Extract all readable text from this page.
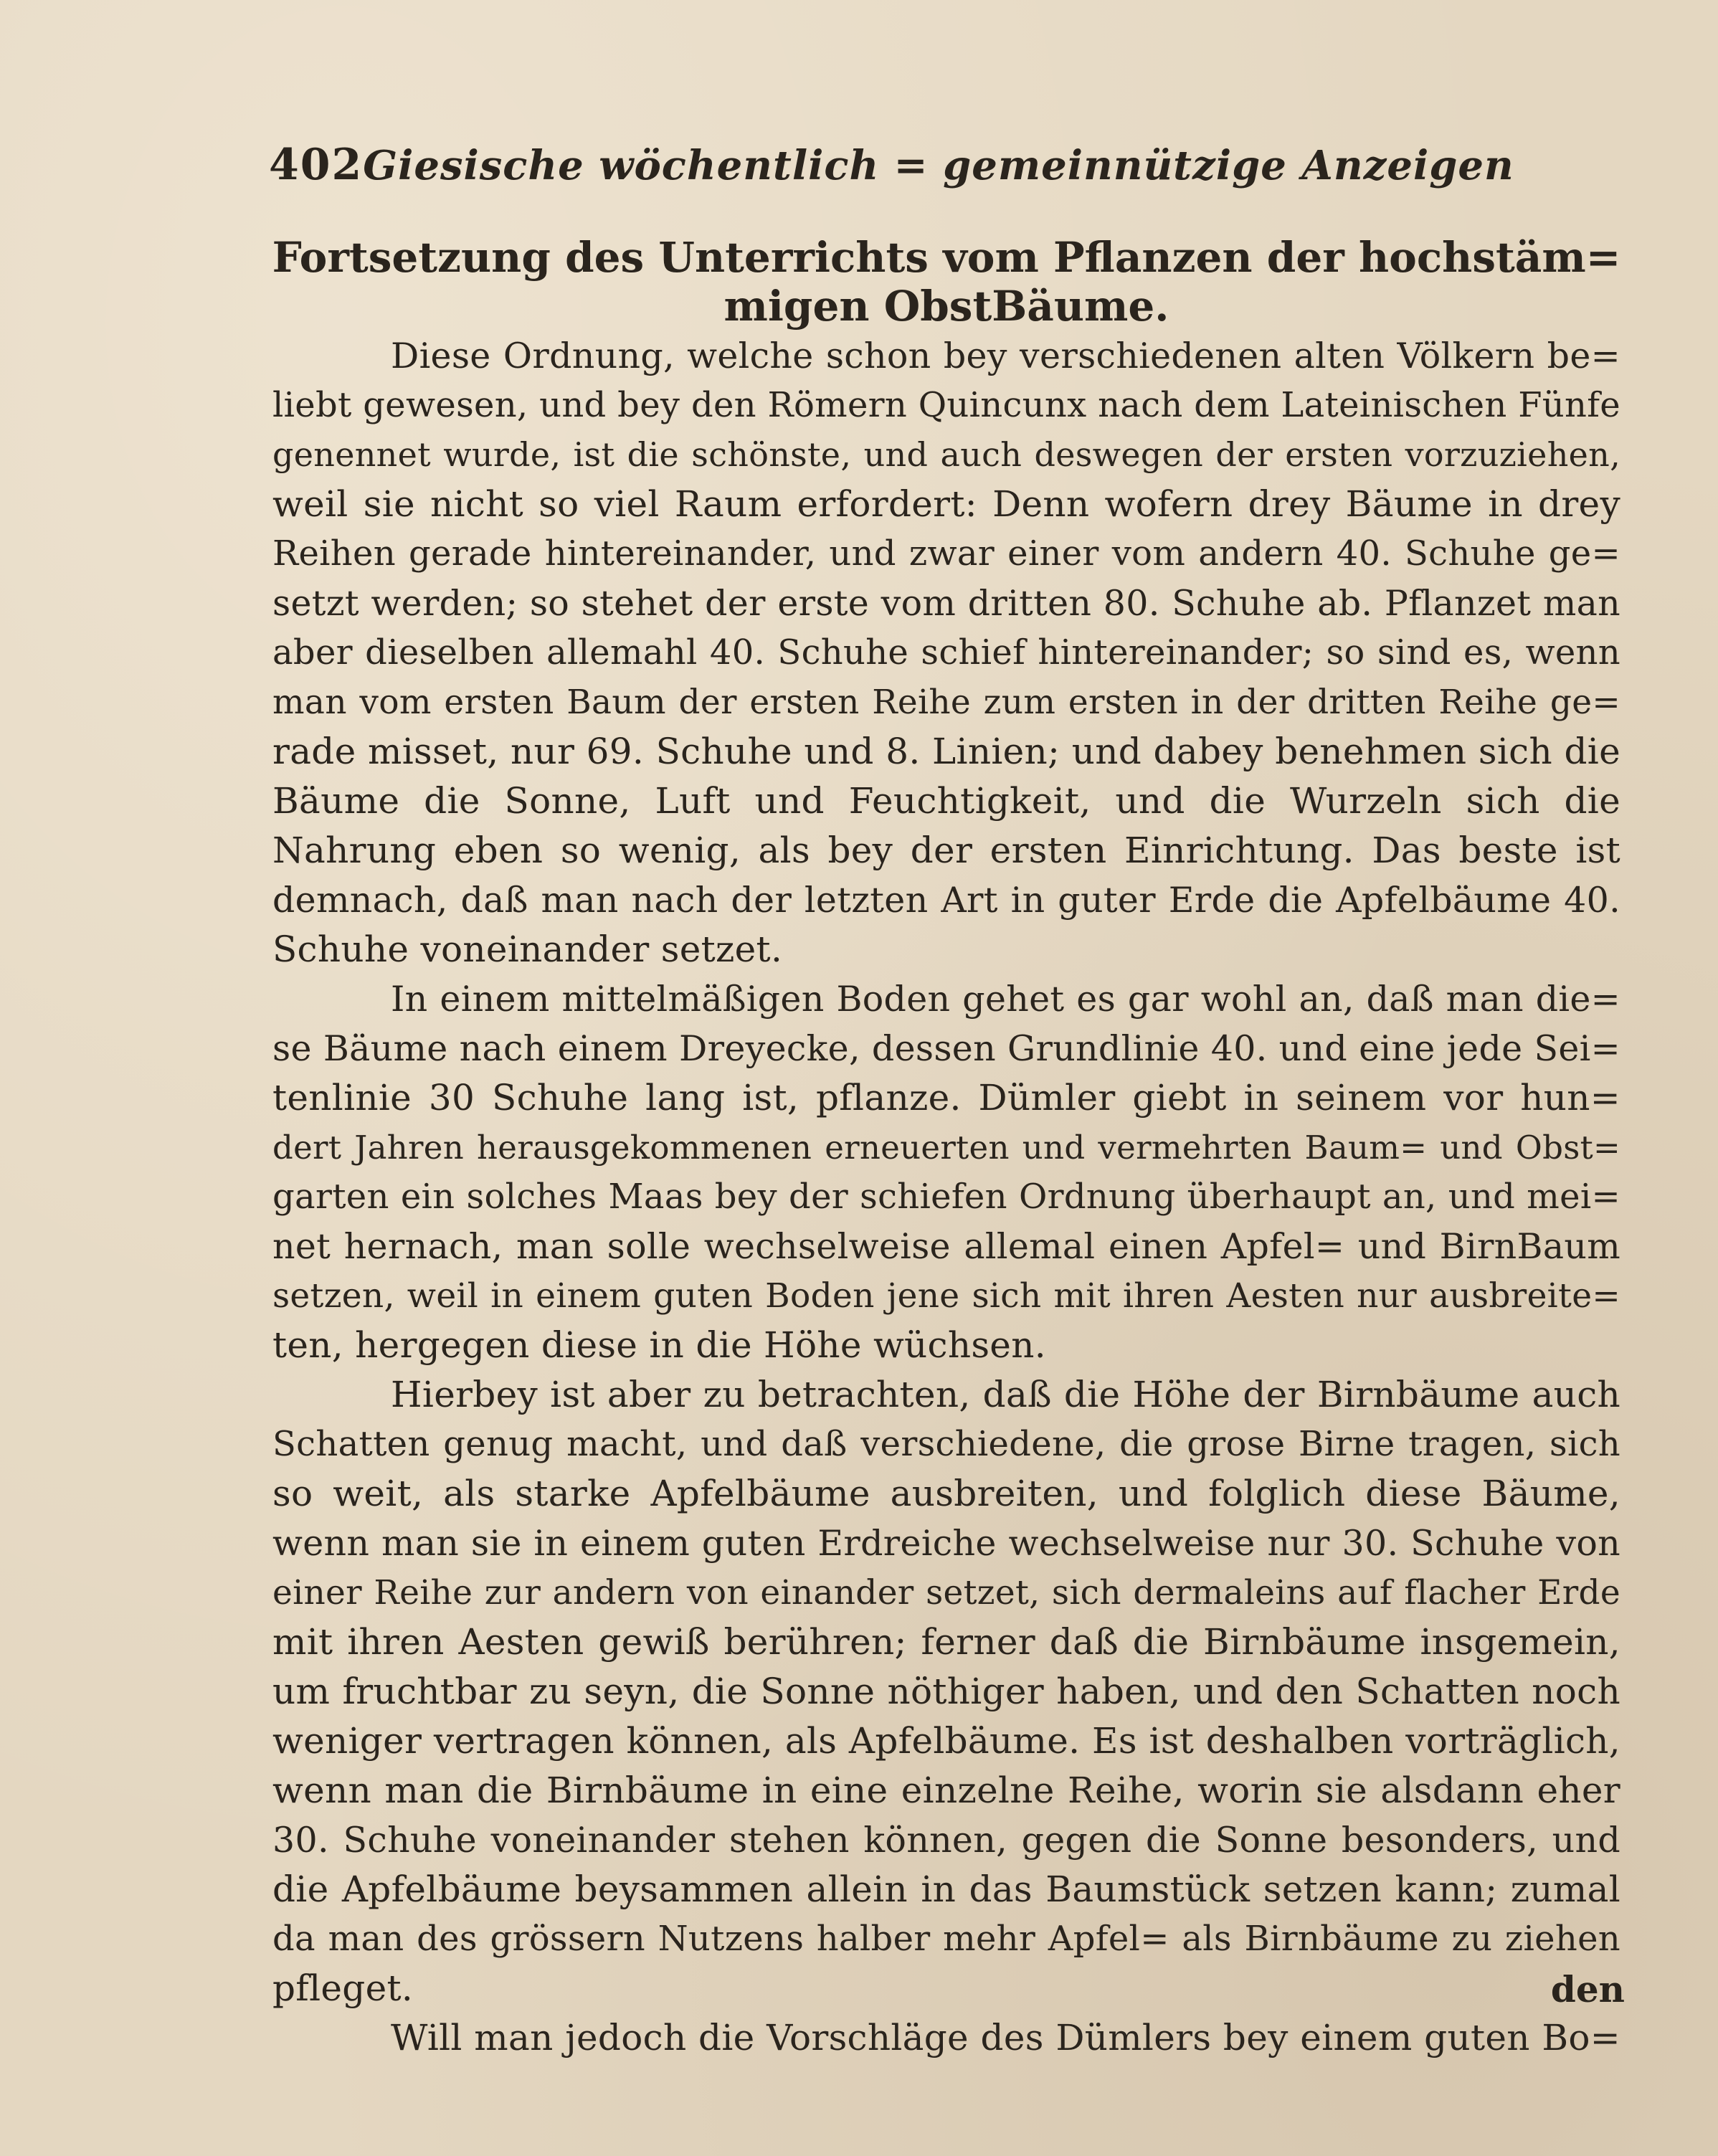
402 Giesische wöchentlich = gemeinnützige Anzeigen
Fortsetzung des Unterrichts vom Pflanzen der hochstäm=
migen ObstBäume.
Diese Ordnung, welche schon bey verschiedenen alten Völkern be=
liebt gewesen, und bey den Römern Quincunx nach dem Lateinischen Fünfe
genennet wurde, ist die schönste, und auch deswegen der ersten vorzuziehen,
weil sie nicht so viel Raum erfordert: Denn wofern drey Bäume in drey
Reihen gerade hintereinander, und zwar einer vom andern 40. Schuhe ge=
setzt werden; so stehet der erste vom dritten 80. Schuhe ab. Pflanzet man
aber dieselben allemahl 40. Schuhe schief hintereinander; so sind es, wenn
man vom ersten Baum der ersten Reihe zum ersten in der dritten Reihe ge=
rade misset, nur 69. Schuhe und 8. Linien; und dabey benehmen sich die
Bäume die Sonne, Luft und Feuchtigkeit, und die Wurzeln sich die
Nahrung eben so wenig, als bey der ersten Einrichtung. Das beste ist
demnach, daß man nach der letzten Art in guter Erde die Apfelbäume 40.
Schuhe voneinander setzet.
In einem mittelmäßigen Boden gehet es gar wohl an, daß man die=
se Bäume nach einem Dreyecke, dessen Grundlinie 40. und eine jede Sei=
tenlinie 30 Schuhe lang ist, pflanze. Dümler giebt in seinem vor hun=
dert Jahren herausgekommenen erneuerten und vermehrten Baum= und Obst=
garten ein solches Maas bey der schiefen Ordnung überhaupt an, und mei=
net hernach, man solle wechselweise allemal einen Apfel= und BirnBaum
setzen, weil in einem guten Boden jene sich mit ihren Aesten nur ausbreite=
ten, hergegen diese in die Höhe wüchsen.
Hierbey ist aber zu betrachten, daß die Höhe der Birnbäume auch
Schatten genug macht, und daß verschiedene, die grose Birne tragen, sich
so weit, als starke Apfelbäume ausbreiten, und folglich diese Bäume,
wenn man sie in einem guten Erdreiche wechselweise nur 30. Schuhe von
einer Reihe zur andern von einander setzet, sich dermaleins auf flacher Erde
mit ihren Aesten gewiß berühren; ferner daß die Birnbäume insgemein,
um fruchtbar zu seyn, die Sonne nöthiger haben, und den Schatten noch
weniger vertragen können, als Apfelbäume. Es ist deshalben vorträglich,
wenn man die Birnbäume in eine einzelne Reihe, worin sie alsdann eher
30. Schuhe voneinander stehen können, gegen die Sonne besonders, und
die Apfelbäume beysammen allein in das Baumstück setzen kann; zumal
da man des grössern Nutzens halber mehr Apfel= als Birnbäume zu ziehen
pfleget.
Will man jedoch die Vorschläge des Dümlers bey einem guten Bo=
den
